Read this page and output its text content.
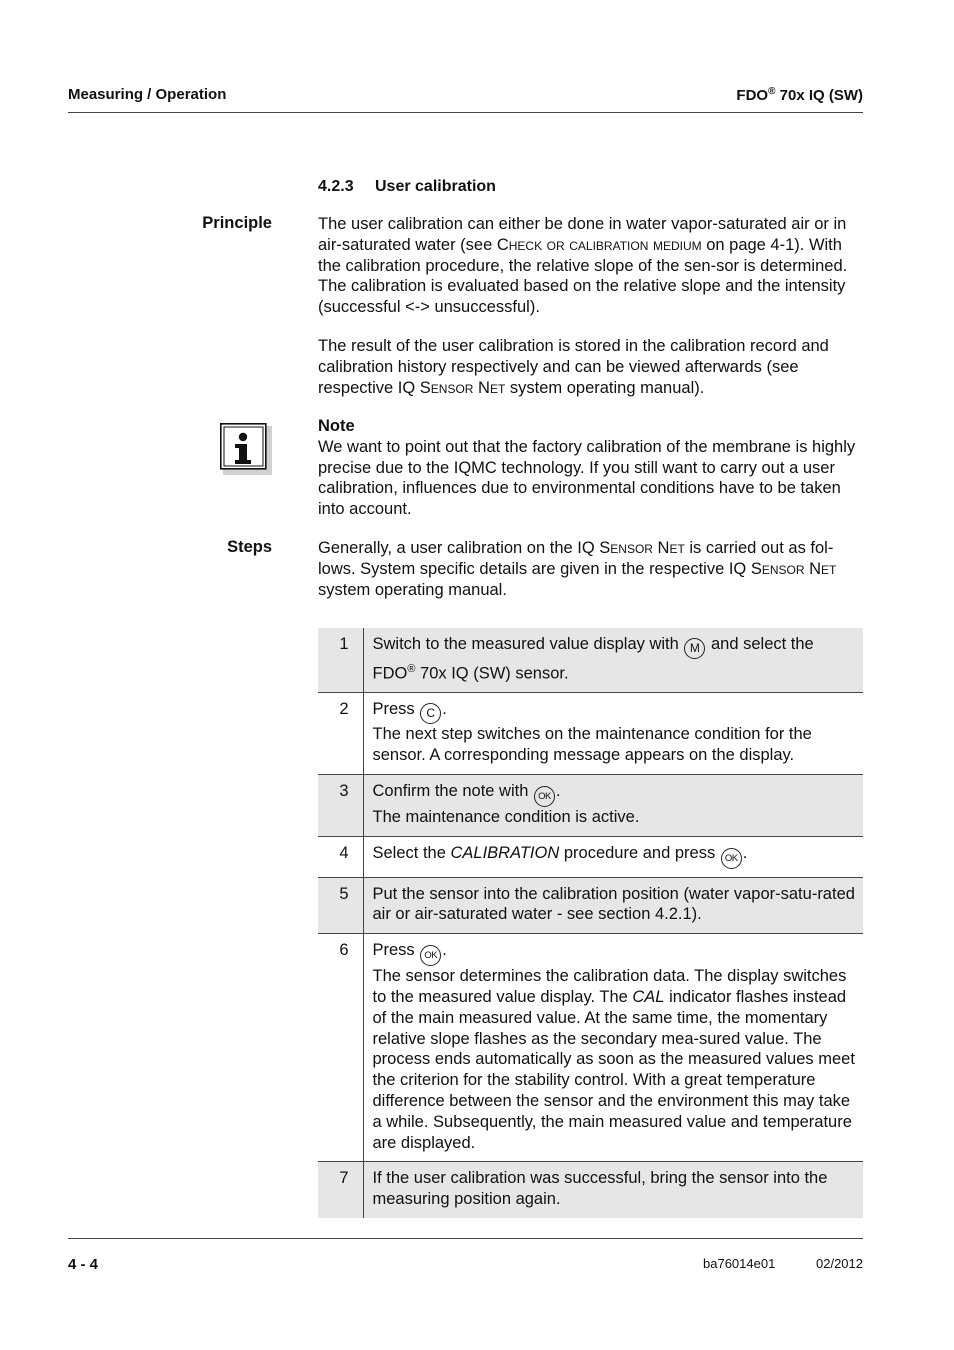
Measuring / Operation	FDO® 70x IQ (SW)
4.2.3 User calibration
Principle	The user calibration can either be done in water vapor-saturated air or in air-saturated water (see Check or calibration medium on page 4-1). With the calibration procedure, the relative slope of the sen-sor is determined. The calibration is evaluated based on the relative slope and the intensity (successful <-> unsuccessful).
The result of the user calibration is stored in the calibration record and calibration history respectively and can be viewed afterwards (see respective IQ Sensor Net system operating manual).
Note
We want to point out that the factory calibration of the membrane is highly precise due to the IQMC technology. If you still want to carry out a user calibration, influences due to environmental conditions have to be taken into account.
Steps	Generally, a user calibration on the IQ Sensor Net is carried out as fol-lows. System specific details are given in the respective IQ Sensor Net system operating manual.
1	Switch to the measured value display with M and select the FDO® 70x IQ (SW) sensor.
2	Press C .
The next step switches on the maintenance condition for the sensor. A corresponding message appears on the display.
3	Confirm the note with OK .
The maintenance condition is active.
4	Select the CALIBRATION procedure and press OK .
5	Put the sensor into the calibration position (water vapor-satu-rated air or air-saturated water - see section 4.2.1).
6	Press OK .
The sensor determines the calibration data. The display switches to the measured value display. The CAL indicator flashes instead of the main measured value. At the same time, the momentary relative slope flashes as the secondary mea-sured value. The process ends automatically as soon as the measured values meet the criterion for the stability control. With a great temperature difference between the sensor and the environment this may take a while. Subsequently, the main measured value and temperature are displayed.
7	If the user calibration was successful, bring the sensor into the measuring position again.
4 - 4	ba76014e01	02/2012
